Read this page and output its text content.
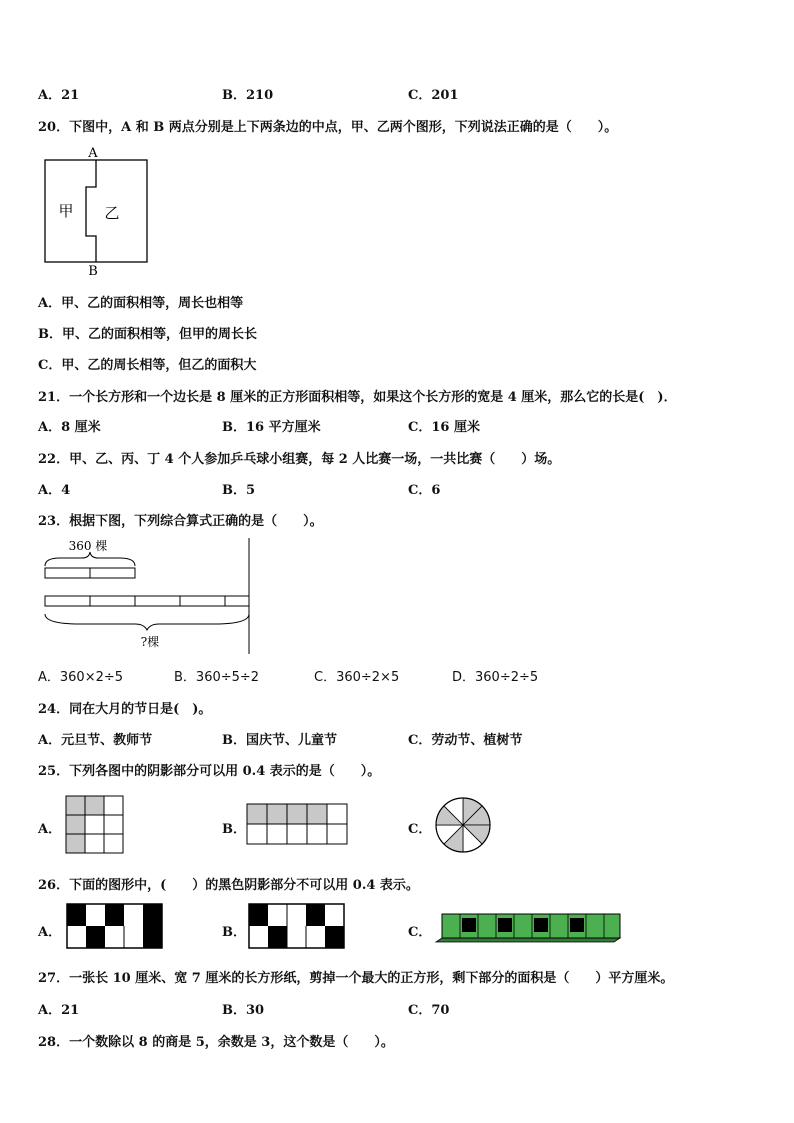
A．21	B．210	C．201
20．下图中，A 和 B 两点分别是上下两条边的中点，甲、乙两个图形，下列说法正确的是（　　）。
A
B
甲 乙
A．甲、乙的面积相等，周长也相等
B．甲、乙的面积相等，但甲的周长长
C．甲、乙的周长相等，但乙的面积大
21．一个长方形和一个边长是 8 厘米的正方形面积相等，如果这个长方形的宽是 4 厘米，那么它的长是(　)．
A．8 厘米	B．16 平方厘米	C．16 厘米
22．甲、乙、丙、丁 4 个人参加乒乓球小组赛，每 2 人比赛一场，一共比赛（　　）场。
A．4	B．5	C．6
23．根据下图，下列综合算式正确的是（　　）。
360 棵
?棵
A．360×2÷5	B．360÷5÷2	C．360÷2×5	D．360÷2÷5
24．同在大月的节日是(　)。
A．元旦节、教师节	B．国庆节、儿童节	C．劳动节、植树节
25．下列各图中的阴影部分可以用 0.4 表示的是（　　）。
A．	B．	C．
26．下面的图形中，(　　）的黑色阴影部分不可以用 0.4 表示。
A．	B．	C．
27．一张长 10 厘米、宽 7 厘米的长方形纸，剪掉一个最大的正方形，剩下部分的面积是（　　）平方厘米。
A．21	B．30	C．70
28．一个数除以 8 的商是 5，余数是 3，这个数是（　　）。
